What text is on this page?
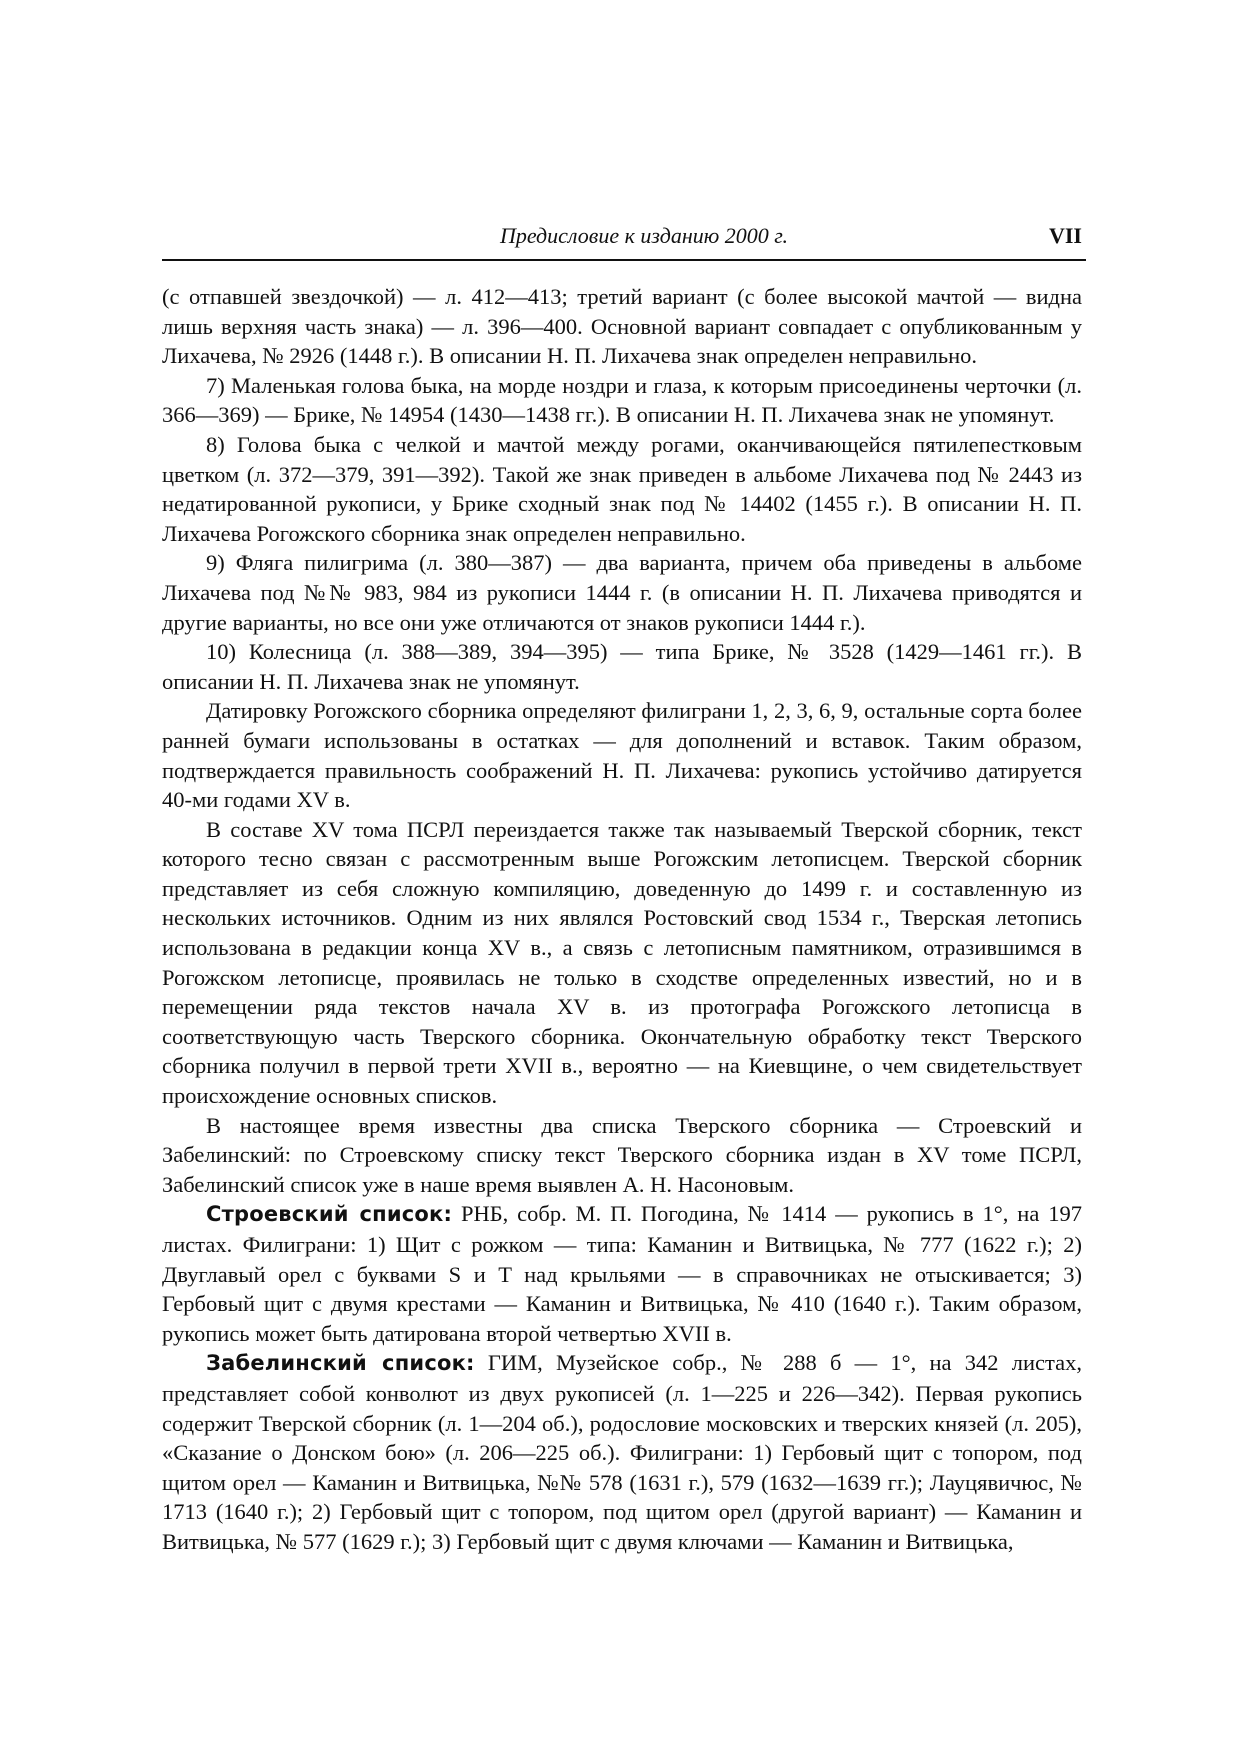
Предисловие к изданию 2000 г.	VII

(с отпавшей звездочкой) — л. 412—413; третий вариант (с более высокой мачтой — видна лишь верхняя часть знака) — л. 396—400. Основной вариант совпадает с опубликованным у Лихачева, № 2926 (1448 г.). В описании Н. П. Лихачева знак определен неправильно.

7) Маленькая голова быка, на морде ноздри и глаза, к которым присоединены черточки (л. 366—369) — Брике, № 14954 (1430—1438 гг.). В описании Н. П. Лихачева знак не упомянут.

8) Голова быка с челкой и мачтой между рогами, оканчивающейся пятилепестковым цветком (л. 372—379, 391—392). Такой же знак приведен в альбоме Лихачева под № 2443 из недатированной рукописи, у Брике сходный знак под № 14402 (1455 г.). В описании Н. П. Лихачева Рогожского сборника знак определен неправильно.

9) Фляга пилигрима (л. 380—387) — два варианта, причем оба приведены в альбоме Лихачева под №№ 983, 984 из рукописи 1444 г. (в описании Н. П. Лихачева приводятся и другие варианты, но все они уже отличаются от знаков рукописи 1444 г.).

10) Колесница (л. 388—389, 394—395) — типа Брике, № 3528 (1429—1461 гг.). В описании Н. П. Лихачева знак не упомянут.

Датировку Рогожского сборника определяют филиграни 1, 2, 3, 6, 9, остальные сорта более ранней бумаги использованы в остатках — для дополнений и вставок. Таким образом, подтверждается правильность соображений Н. П. Лихачева: рукопись устойчиво датируется 40-ми годами XV в.

В составе XV тома ПСРЛ переиздается также так называемый Тверской сборник, текст которого тесно связан с рассмотренным выше Рогожским летописцем. Тверской сборник представляет из себя сложную компиляцию, доведенную до 1499 г. и составленную из нескольких источников. Одним из них являлся Ростовский свод 1534 г., Тверская летопись использована в редакции конца XV в., а связь с летописным памятником, отразившимся в Рогожском летописце, проявилась не только в сходстве определенных известий, но и в перемещении ряда текстов начала XV в. из протографа Рогожского летописца в соответствующую часть Тверского сборника. Окончательную обработку текст Тверского сборника получил в первой трети XVII в., вероятно — на Киевщине, о чем свидетельствует происхождение основных списков.

В настоящее время известны два списка Тверского сборника — Строевский и Забелинский: по Строевскому списку текст Тверского сборника издан в XV томе ПСРЛ, Забелинский список уже в наше время выявлен А. Н. Насоновым.

Строевский список: РНБ, собр. М. П. Погодина, № 1414 — рукопись в 1°, на 197 листах. Филиграни: 1) Щит с рожком — типа: Каманин и Витвицька, № 777 (1622 г.); 2) Двуглавый орел с буквами S и T над крыльями — в справочниках не отыскивается; 3) Гербовый щит с двумя крестами — Каманин и Витвицька, № 410 (1640 г.). Таким образом, рукопись может быть датирована второй четвертью XVII в.

Забелинский список: ГИМ, Музейское собр., № 288 б — 1°, на 342 листах, представляет собой конволют из двух рукописей (л. 1—225 и 226—342). Первая рукопись содержит Тверской сборник (л. 1—204 об.), родословие московских и тверских князей (л. 205), «Сказание о Донском бою» (л. 206—225 об.). Филиграни: 1) Гербовый щит с топором, под щитом орел — Каманин и Витвицька, №№ 578 (1631 г.), 579 (1632—1639 гг.); Лауцявичюс, № 1713 (1640 г.); 2) Гербовый щит с топором, под щитом орел (другой вариант) — Каманин и Витвицька, № 577 (1629 г.); 3) Гербовый щит с двумя ключами — Каманин и Витвицька,
